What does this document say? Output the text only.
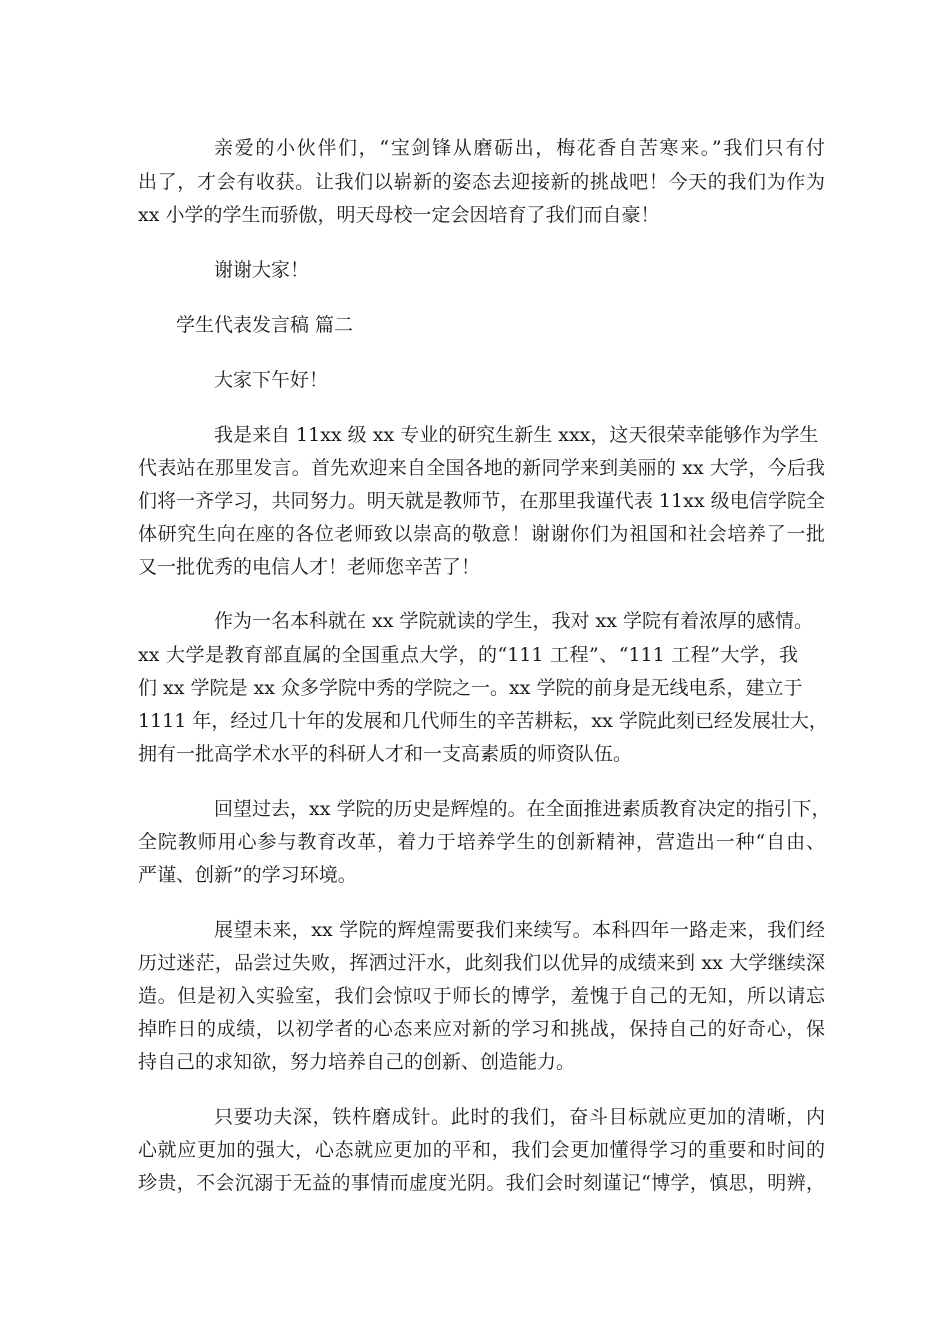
亲爱的小伙伴们，“宝剑锋从磨砺出，梅花香自苦寒来。”我们只有付

出了，才会有收获。让我们以崭新的姿态去迎接新的挑战吧！今天的我们为作为

xx 小学的学生而骄傲，明天母校一定会因培育了我们而自豪！

谢谢大家！

学生代表发言稿 篇二

大家下午好！

我是来自 11xx 级 xx 专业的研究生新生 xxx，这天很荣幸能够作为学生

代表站在那里发言。首先欢迎来自全国各地的新同学来到美丽的 xx 大学，今后我

们将一齐学习，共同努力。明天就是教师节，在那里我谨代表 11xx 级电信学院全

体研究生向在座的各位老师致以崇高的敬意！谢谢你们为祖国和社会培养了一批

又一批优秀的电信人才！老师您辛苦了！

作为一名本科就在 xx 学院就读的学生，我对 xx 学院有着浓厚的感情。

xx 大学是教育部直属的全国重点大学，的“111 工程”、“111 工程”大学，我

们 xx 学院是 xx 众多学院中秀的学院之一。xx 学院的前身是无线电系，建立于

1111 年，经过几十年的发展和几代师生的辛苦耕耘，xx 学院此刻已经发展壮大，

拥有一批高学术水平的科研人才和一支高素质的师资队伍。

回望过去，xx 学院的历史是辉煌的。在全面推进素质教育决定的指引下，

全院教师用心参与教育改革，着力于培养学生的创新精神，营造出一种“自由、

严谨、创新”的学习环境。

展望未来，xx 学院的辉煌需要我们来续写。本科四年一路走来，我们经

历过迷茫，品尝过失败，挥洒过汗水，此刻我们以优异的成绩来到 xx 大学继续深

造。但是初入实验室，我们会惊叹于师长的博学，羞愧于自己的无知，所以请忘

掉昨日的成绩，以初学者的心态来应对新的学习和挑战，保持自己的好奇心，保

持自己的求知欲，努力培养自己的创新、创造能力。

只要功夫深，铁杵磨成针。此时的我们，奋斗目标就应更加的清晰，内

心就应更加的强大，心态就应更加的平和，我们会更加懂得学习的重要和时间的

珍贵，不会沉溺于无益的事情而虚度光阴。我们会时刻谨记“博学，慎思，明辨，
